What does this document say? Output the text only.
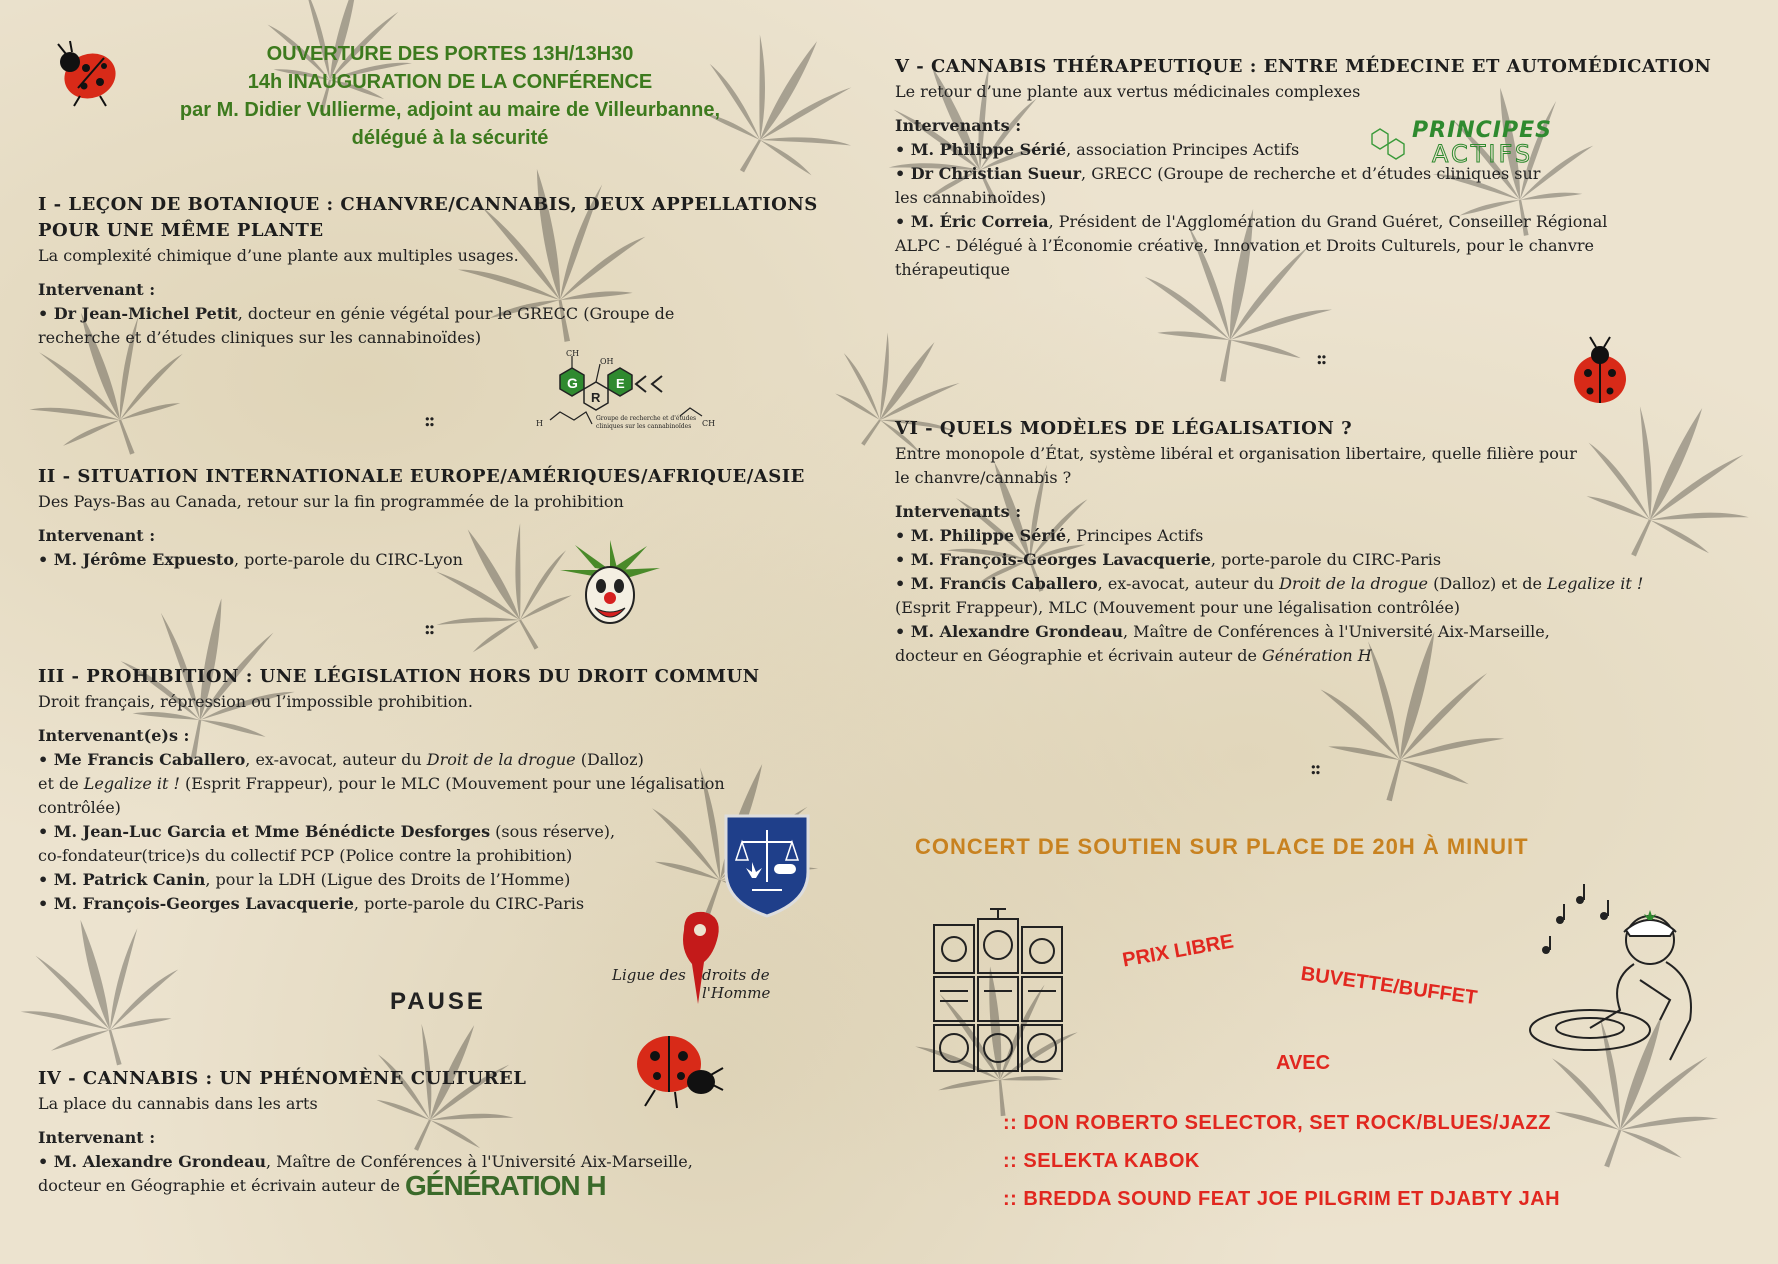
OUVERTURE DES PORTES 13H/13H30
14h INAUGURATION DE LA CONFÉRENCE
par M. Didier Vullierme, adjoint au maire de Villeurbanne,
délégué à la sécurité
I - LEÇON DE BOTANIQUE : CHANVRE/CANNABIS, DEUX APPELLATIONS
POUR UNE MÊME PLANTE
La complexité chimique d’une plante aux multiples usages.
Intervenant :
• Dr Jean-Michel Petit, docteur en génie végétal pour le GRECC (Groupe de
recherche et d’études cliniques sur les cannabinoïdes)
G
R
E
CH
OH
H	CH
Groupe de recherche et d'études
cliniques sur les cannabinoïdes
::
II - SITUATION INTERNATIONALE EUROPE/AMÉRIQUES/AFRIQUE/ASIE
Des Pays-Bas au Canada, retour sur la fin programmée de la prohibition
Intervenant :
• M. Jérôme Expuesto, porte-parole du CIRC-Lyon
::
III - PROHIBITION : UNE LÉGISLATION HORS DU DROIT COMMUN
Droit français, répression ou l’impossible prohibition.
Intervenant(e)s :
• Me Francis Caballero, ex-avocat, auteur du Droit de la drogue (Dalloz)
et de Legalize it ! (Esprit Frappeur), pour le MLC (Mouvement pour une légalisation
contrôlée)
• M. Jean-Luc Garcia et Mme Bénédicte Desforges (sous réserve),
co-fondateur(trice)s du collectif PCP (Police contre la prohibition)
• M. Patrick Canin, pour la LDH (Ligue des Droits de l’Homme)
• M. François-Georges Lavacquerie, porte-parole du CIRC-Paris
Ligue des droits de l'Homme
PAUSE
IV - CANNABIS : UN PHÉNOMÈNE CULTUREL
La place du cannabis dans les arts
Intervenant :
• M. Alexandre Grondeau, Maître de Conférences à l'Université Aix-Marseille,
docteur en Géographie et écrivain auteur de GÉNÉRATION H
V - CANNABIS THÉRAPEUTIQUE : ENTRE MÉDECINE ET AUTOMÉDICATION
Le retour d’une plante aux vertus médicinales complexes
Intervenants :
• M. Philippe Sérié, association Principes Actifs
• Dr Christian Sueur, GRECC (Groupe de recherche et d’études cliniques sur
les cannabinoïdes)
• M. Éric Correia, Président de l'Agglomération du Grand Guéret, Conseiller Régional
ALPC - Délégué à l’Économie créative, Innovation et Droits Culturels, pour le chanvre
thérapeutique
PRINCIPES
ACTIFS
::
VI - QUELS MODÈLES DE LÉGALISATION ?
Entre monopole d’État, système libéral et organisation libertaire, quelle filière pour
le chanvre/cannabis ?
Intervenants :
• M. Philippe Sérié, Principes Actifs
• M. François-Georges Lavacquerie, porte-parole du CIRC-Paris
• M. Francis Caballero, ex-avocat, auteur du Droit de la drogue (Dalloz) et de Legalize it !
(Esprit Frappeur), MLC (Mouvement pour une légalisation contrôlée)
• M. Alexandre Grondeau, Maître de Conférences à l'Université Aix-Marseille,
docteur en Géographie et écrivain auteur de Génération H
::
CONCERT DE SOUTIEN SUR PLACE DE 20H À MINUIT
PRIX LIBRE
BUVETTE/BUFFET
AVEC
:: DON ROBERTO SELECTOR, SET ROCK/BLUES/JAZZ
:: SELEKTA KABOK
:: BREDDA SOUND FEAT JOE PILGRIM ET DJABTY JAH
